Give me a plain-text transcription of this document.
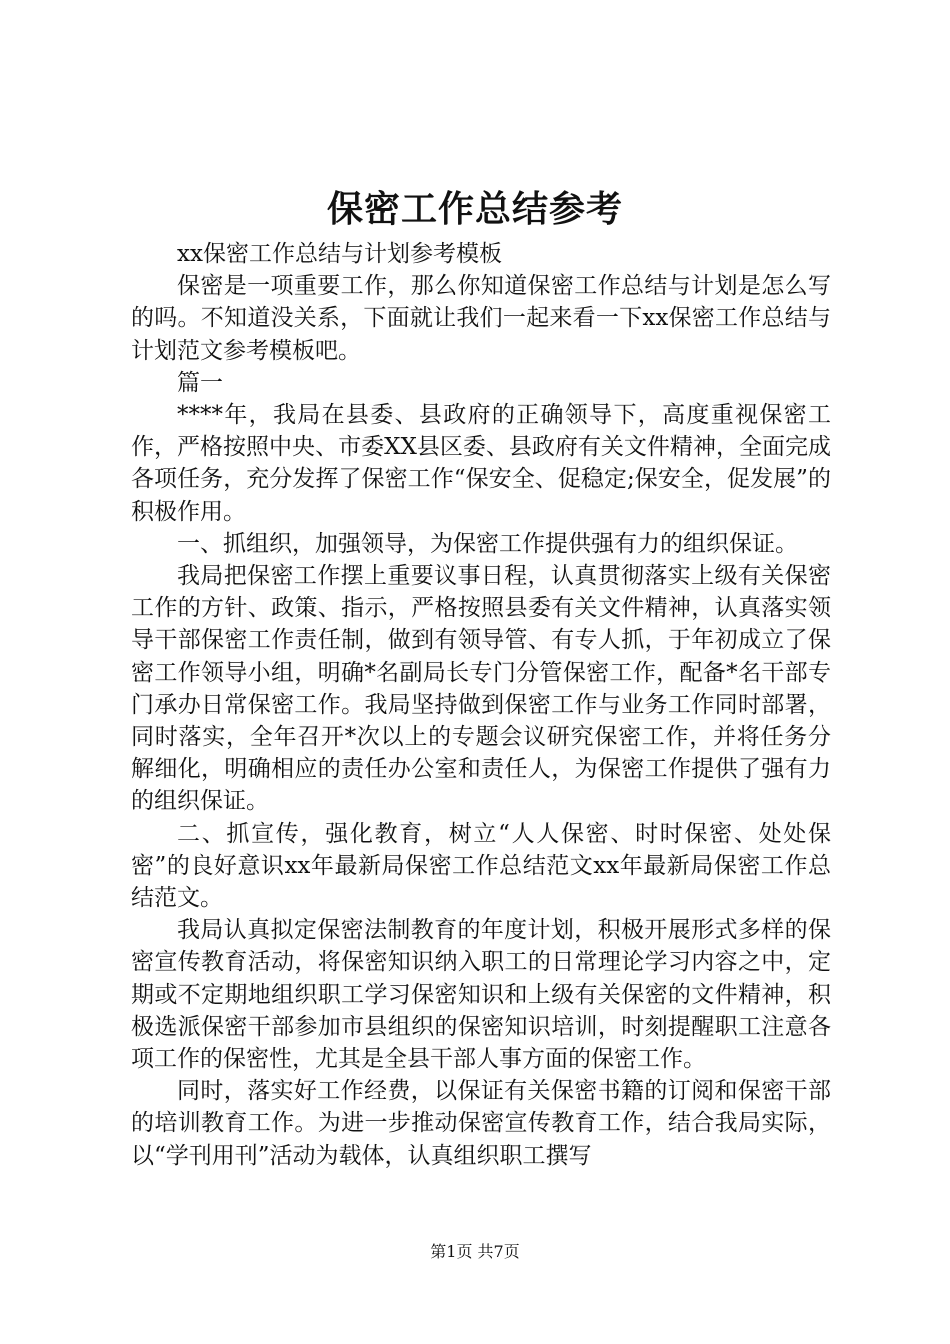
保密工作总结参考

xx保密工作总结与计划参考模板

保密是一项重要工作，那么你知道保密工作总结与计划是怎么写的吗。不知道没关系，下面就让我们一起来看一下xx保密工作总结与计划范文参考模板吧。

篇一

****年，我局在县委、县政府的正确领导下，高度重视保密工作，严格按照中央、市委XX县区委、县政府有关文件精神，全面完成各项任务，充分发挥了保密工作“保安全、促稳定;保安全，促发展”的积极作用。

一、抓组织，加强领导，为保密工作提供强有力的组织保证。

我局把保密工作摆上重要议事日程，认真贯彻落实上级有关保密工作的方针、政策、指示，严格按照县委有关文件精神，认真落实领导干部保密工作责任制，做到有领导管、有专人抓，于年初成立了保密工作领导小组，明确*名副局长专门分管保密工作，配备*名干部专门承办日常保密工作。我局坚持做到保密工作与业务工作同时部署，同时落实，全年召开*次以上的专题会议研究保密工作，并将任务分解细化，明确相应的责任办公室和责任人，为保密工作提供了强有力的组织保证。

二、抓宣传，强化教育，树立“人人保密、时时保密、处处保密”的良好意识xx年最新局保密工作总结范文xx年最新局保密工作总结范文。

我局认真拟定保密法制教育的年度计划，积极开展形式多样的保密宣传教育活动，将保密知识纳入职工的日常理论学习内容之中，定期或不定期地组织职工学习保密知识和上级有关保密的文件精神，积极选派保密干部参加市县组织的保密知识培训，时刻提醒职工注意各项工作的保密性，尤其是全县干部人事方面的保密工作。

同时，落实好工作经费，以保证有关保密书籍的订阅和保密干部的培训教育工作。为进一步推动保密宣传教育工作，结合我局实际，以“学刊用刊”活动为载体，认真组织职工撰写

第1页 共7页
